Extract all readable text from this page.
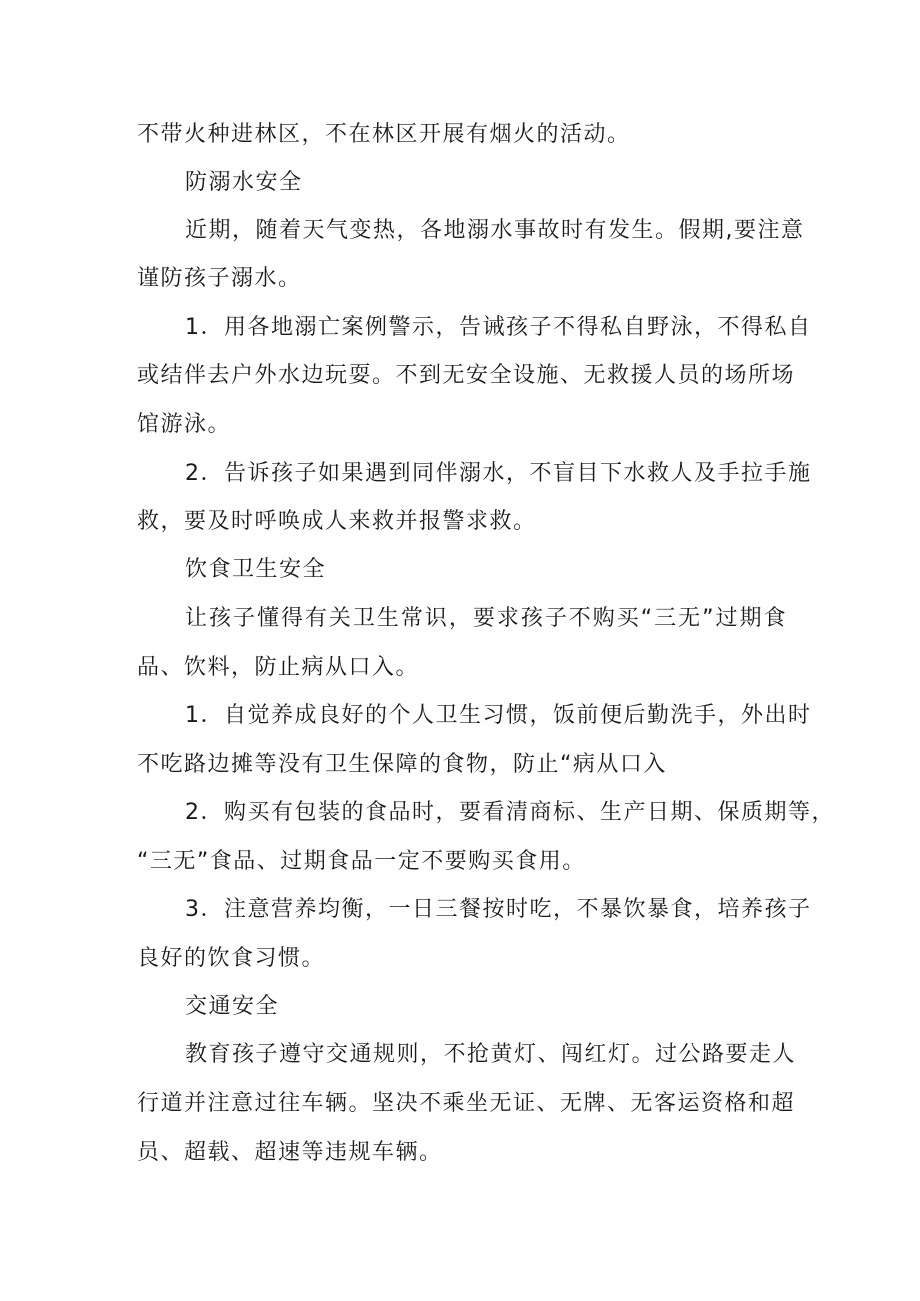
不带火种进林区，不在林区开展有烟火的活动。
防溺水安全
近期，随着天气变热，各地溺水事故时有发生。假期,要注意
谨防孩子溺水。
1．用各地溺亡案例警示，告诫孩子不得私自野泳，不得私自
或结伴去户外水边玩耍。不到无安全设施、无救援人员的场所场
馆游泳。
2．告诉孩子如果遇到同伴溺水，不盲目下水救人及手拉手施
救，要及时呼唤成人来救并报警求救。
饮食卫生安全
让孩子懂得有关卫生常识，要求孩子不购买“三无”过期食
品、饮料，防止病从口入。
1．自觉养成良好的个人卫生习惯，饭前便后勤洗手，外出时
不吃路边摊等没有卫生保障的食物，防止“病从口入
2．购买有包装的食品时，要看清商标、生产日期、保质期等，
“三无”食品、过期食品一定不要购买食用。
3．注意营养均衡，一日三餐按时吃，不暴饮暴食，培养孩子
良好的饮食习惯。
交通安全
教育孩子遵守交通规则，不抢黄灯、闯红灯。过公路要走人
行道并注意过往车辆。坚决不乘坐无证、无牌、无客运资格和超
员、超载、超速等违规车辆。
